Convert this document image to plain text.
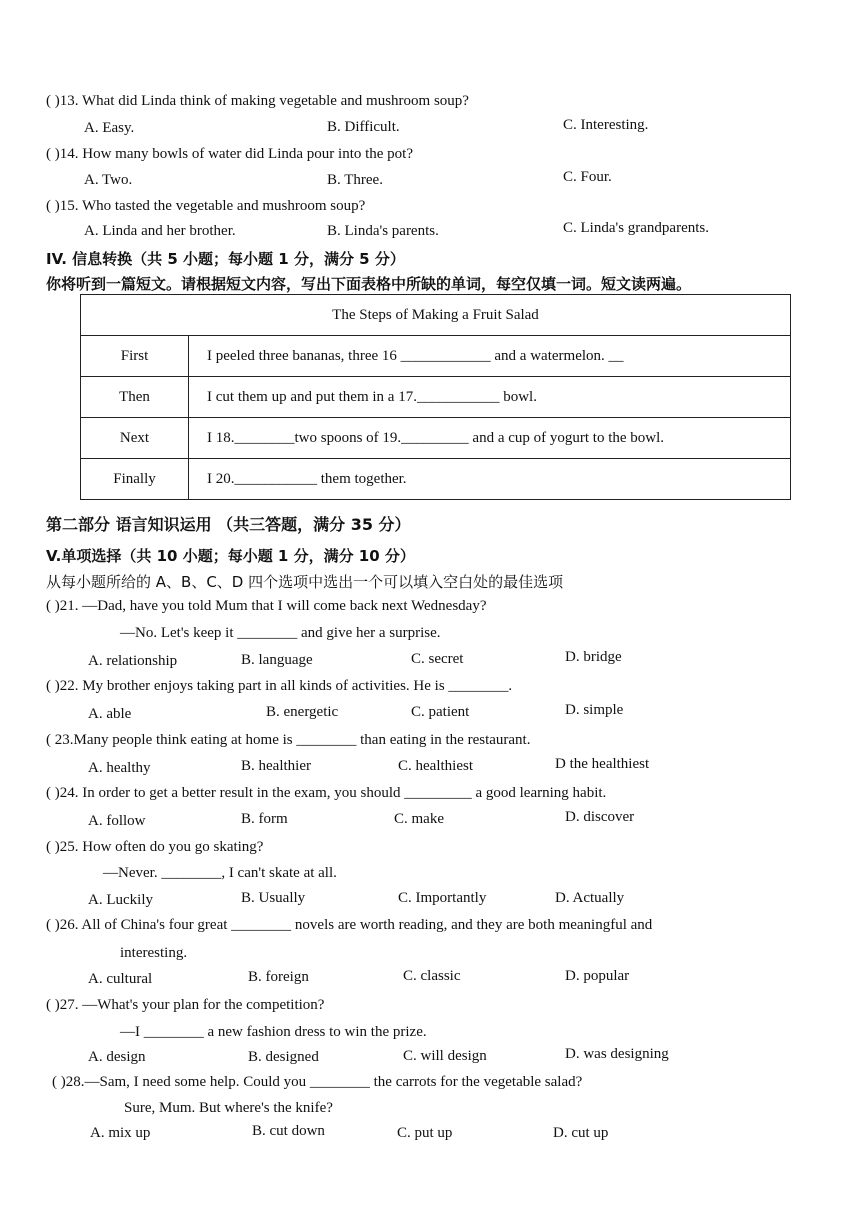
( )13. What did Linda think of making vegetable and mushroom soup?
A. Easy.	B. Difficult.	C. Interesting.
( )14. How many bowls of water did Linda pour into the pot?
A. Two.	B. Three.	C. Four.
( )15. Who tasted the vegetable and mushroom soup?
A. Linda and her brother.	B. Linda's parents.	C. Linda's grandparents.
IV. 信息转换（共 5 小题；每小题 1 分，满分 5 分）
你将听到一篇短文。请根据短文内容，写出下面表格中所缺的单词，每空仅填一词。短文读两遍。
The Steps of Making a Fruit Salad	
First	I peeled three bananas, three 16 ____________ and a watermelon. __
Then	I cut them up and put them in a 17.___________ bowl.
Next	I 18.________two spoons of 19._________ and a cup of yogurt to the bowl.
Finally	I 20.___________ them together.
第二部分 语言知识运用 （共三答题，满分 35 分）
V.单项选择（共 10 小题；每小题 1 分，满分 10 分）
从每小题所给的 A、B、C、D 四个选项中选出一个可以填入空白处的最佳选项
( )21. —Dad, have you told Mum that I will come back next Wednesday?
—No. Let's keep it ________ and give her a surprise.
A. relationship	B. language	C. secret	D. bridge
( )22. My brother enjoys taking part in all kinds of activities. He is ________.
A. able	B. energetic	C. patient	D. simple
( 23.Many people think eating at home is ________ than eating in the restaurant.
A. healthy	B. healthier	C. healthiest	D the healthiest
( )24. In order to get a better result in the exam, you should _________ a good learning habit.
A. follow	B. form	C. make	D. discover
( )25. How often do you go skating?
—Never. ________, I can't skate at all.
A. Luckily	B. Usually	C. Importantly	D. Actually
( )26. All of China's four great ________ novels are worth reading, and they are both meaningful and
interesting.
A. cultural	B. foreign	C. classic	D. popular
( )27. —What's your plan for the competition?
—I ________ a new fashion dress to win the prize.
A. design	B. designed	C. will design	D. was designing
( )28.—Sam, I need some help. Could you ________ the carrots for the vegetable salad?
Sure, Mum. But where's the knife?
A. mix up	B. cut down	C. put up	D. cut up
